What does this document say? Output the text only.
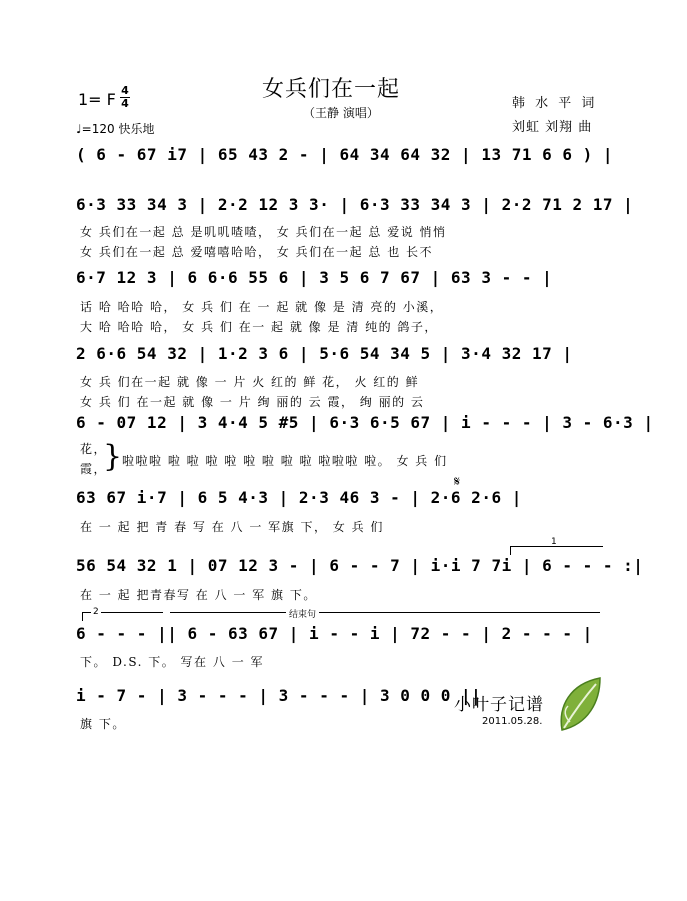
女兵们在一起
（王静 演唱）
1= F 4
4
♩=120 快乐地
韩 水 平 词
刘虹 刘翔 曲
( 6 - 67 i7 | 65 43 2 - | 64 34 64 32 | 13 71 6 6 ) |
6·3 33 34 3 | 2·2 12 3 3· | 6·3 33 34 3 | 2·2 71 2 17 |
女 兵们在一起 总 是叽叽喳喳， 女 兵们在一起 总 爱说 悄悄
女 兵们在一起 总 爱嘻嘻哈哈， 女 兵们在一起 总 也 长不
6·7 12 3 | 6 6·6 55 6 | 3 5 6 7 67 | 63 3 - - |
话 哈 哈哈 哈， 女 兵 们 在 一 起 就 像 是 清 亮的 小溪，
大 哈 哈哈 哈， 女 兵 们 在一 起 就 像 是 清 纯的 鸽子，
2 6·6 54 32 | 1·2 3 6 | 5·6 54 34 5 | 3·4 32 17 |
女 兵 们在一起 就 像 一 片 火 红的 鲜 花， 火 红的 鲜
女 兵 们 在一起 就 像 一 片 绚 丽的 云 霞， 绚 丽的 云
6 - 07 12 | 3 4·4 5 #5 | 6·3 6·5 67 | i - - - | 3 - 6·3 |
花，
霞，
} 啦啦啦 啦 啦 啦 啦 啦 啦 啦 啦 啦啦啦 啦。 女 兵 们
𝄋
63 67 i·7 | 6 5 4·3 | 2·3 46 3 - | 2·6 2·6 |
在 一 起 把 青 春 写 在 八 一 军旗 下， 女 兵 们
1
56 54 32 1 | 07 12 3 - | 6 - - 7 | i·i 7 7i | 6 - - - :|
在 一 起 把青春写 在 八 一 军 旗 下。
2	结束句
6 - - - || 6 - 63 67 | i - - i | 72 - - | 2 - - - |
下。 D.S. 下。 写在 八 一 军
i - 7 - | 3 - - - | 3 - - - | 3 0 0 0 ||
旗 下。
小叶子记谱
2011.05.28.
